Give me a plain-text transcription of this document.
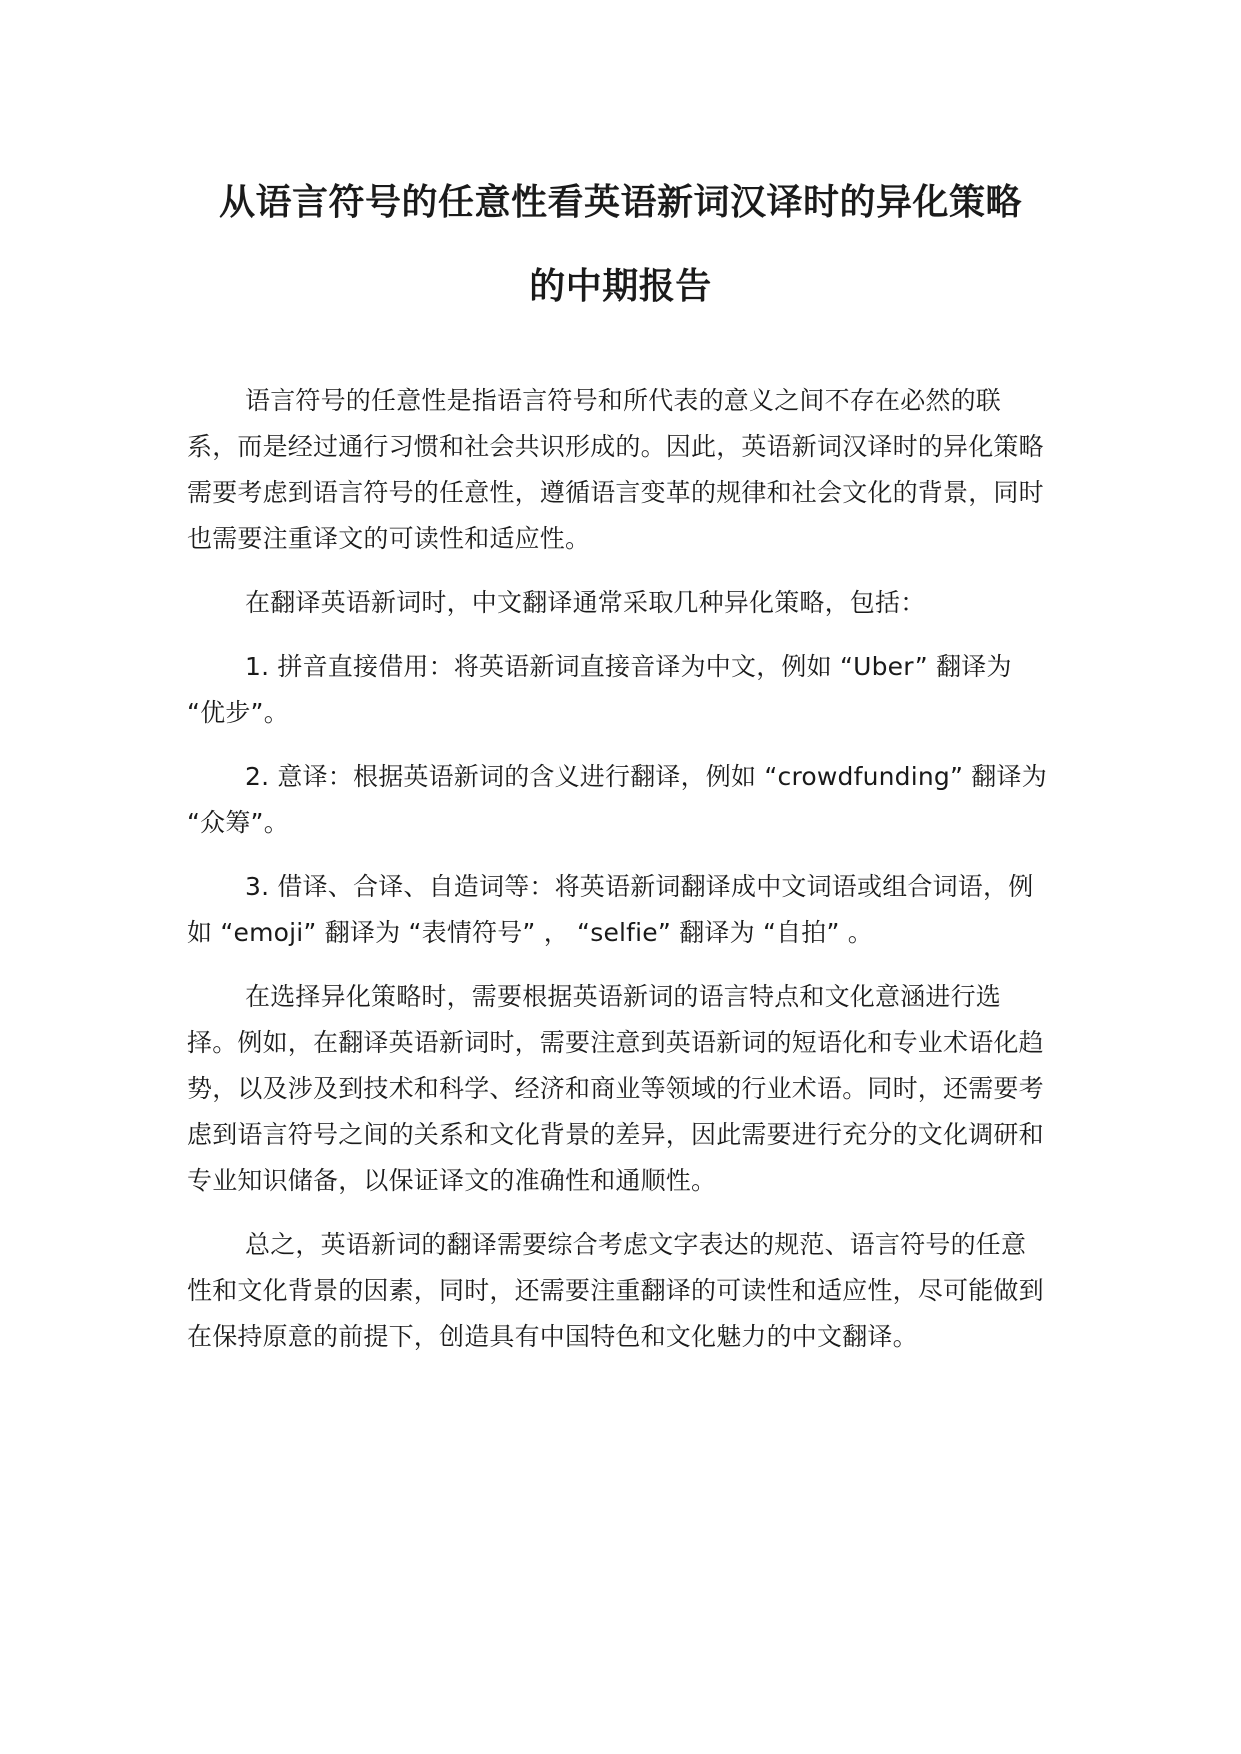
从语言符号的任意性看英语新词汉译时的异化策略
的中期报告

语言符号的任意性是指语言符号和所代表的意义之间不存在必然的联系，而是经过通行习惯和社会共识形成的。因此，英语新词汉译时的异化策略需要考虑到语言符号的任意性，遵循语言变革的规律和社会文化的背景，同时也需要注重译文的可读性和适应性。

在翻译英语新词时，中文翻译通常采取几种异化策略，包括：

1. 拼音直接借用：将英语新词直接音译为中文，例如 “Uber” 翻译为 “优步”。

2. 意译：根据英语新词的含义进行翻译，例如 “crowdfunding” 翻译为 “众筹”。

3. 借译、合译、自造词等：将英语新词翻译成中文词语或组合词语，例如 “emoji” 翻译为 “表情符号” ， “selfie” 翻译为 “自拍” 。

在选择异化策略时，需要根据英语新词的语言特点和文化意涵进行选择。例如，在翻译英语新词时，需要注意到英语新词的短语化和专业术语化趋势，以及涉及到技术和科学、经济和商业等领域的行业术语。同时，还需要考虑到语言符号之间的关系和文化背景的差异，因此需要进行充分的文化调研和专业知识储备，以保证译文的准确性和通顺性。

总之，英语新词的翻译需要综合考虑文字表达的规范、语言符号的任意性和文化背景的因素，同时，还需要注重翻译的可读性和适应性，尽可能做到在保持原意的前提下，创造具有中国特色和文化魅力的中文翻译。
